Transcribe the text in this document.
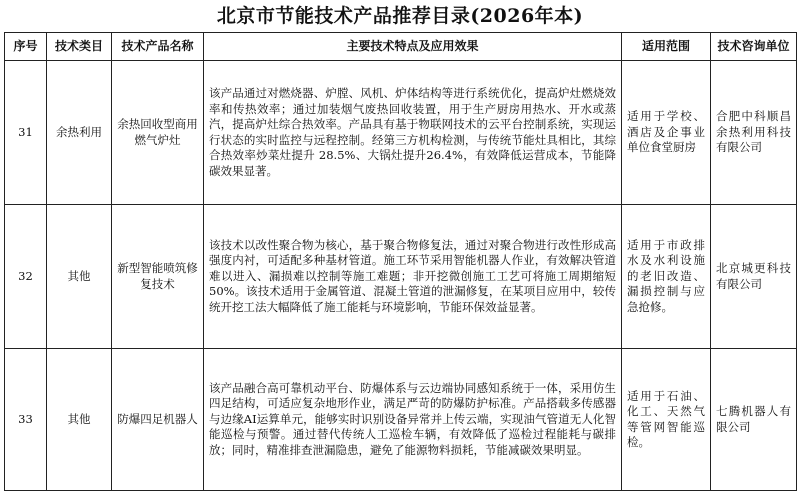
北京市节能技术产品推荐目录(2026年本)
序号	技术类目	技术产品名称	主要技术特点及应用效果	适用范围	技术咨询单位
31	余热利用	余热回收型商用燃气炉灶	该产品通过对燃烧器、炉膛、风机、炉体结构等进行系统优化，提高炉灶燃烧效率和传热效率；通过加装烟气废热回收装置，用于生产厨房用热水、开水或蒸汽，提高炉灶综合热效率。产品具有基于物联网技术的云平台控制系统，实现运行状态的实时监控与远程控制。经第三方机构检测，与传统节能灶具相比，其综合热效率炒菜灶提升 28.5%、大锅灶提升26.4%，有效降低运营成本，节能降碳效果显著。	适用于学校、酒店及企事业单位食堂厨房	合肥中科顺昌余热利用科技有限公司
32	其他	新型智能喷筑修复技术	该技术以改性聚合物为核心，基于聚合物修复法，通过对聚合物进行改性形成高强度内衬，可适配多种基材管道。施工环节采用智能机器人作业，有效解决管道难以进入、漏损难以控制等施工难题；非开挖微创施工工艺可将施工周期缩短50%。该技术适用于金属管道、混凝土管道的泄漏修复，在某项目应用中，较传统开挖工法大幅降低了施工能耗与环境影响，节能环保效益显著。	适用于市政排水及水利设施的老旧改造、漏损控制与应急抢修。	北京城更科技有限公司
33	其他	防爆四足机器人	该产品融合高可靠机动平台、防爆体系与云边端协同感知系统于一体，采用仿生四足结构，可适应复杂地形作业，满足严苛的防爆防护标准。产品搭载多传感器与边缘AI运算单元，能够实时识别设备异常并上传云端，实现油气管道无人化智能巡检与预警。通过替代传统人工巡检车辆，有效降低了巡检过程能耗与碳排放；同时，精准排查泄漏隐患，避免了能源物料损耗，节能减碳效果明显。	适用于石油、化工、天然气等管网智能巡检。	七腾机器人有限公司
